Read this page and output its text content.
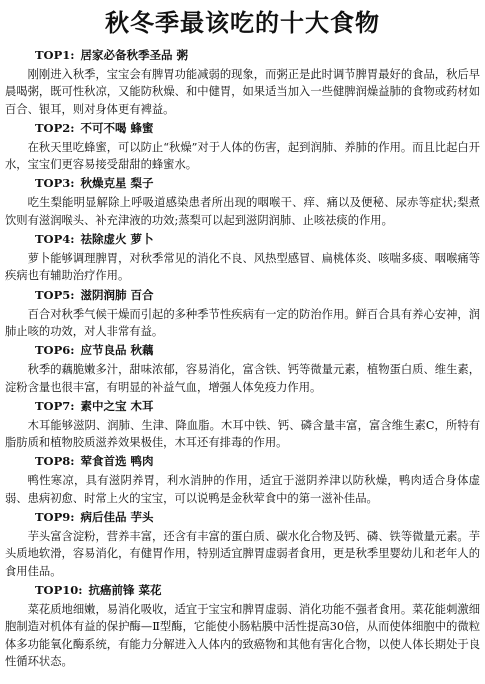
秋冬季最该吃的十大食物

TOP1: 居家必备秋季圣品 粥

刚刚进入秋季，宝宝会有脾胃功能减弱的现象，而粥正是此时调节脾胃最好的食品，秋后早晨喝粥，既可性秋凉，又能防秋燥、和中健胃，如果适当加入一些健脾润燥益肺的食物或药材如百合、银耳，则对身体更有裨益。

TOP2: 不可不喝 蜂蜜

在秋天里吃蜂蜜，可以防止“秋燥”对于人体的伤害，起到润肺、养肺的作用。而且比起白开水，宝宝们更容易接受甜甜的蜂蜜水。

TOP3: 秋燥克星 梨子

吃生梨能明显解除上呼吸道感染患者所出现的咽喉干、痒、痛以及便秘、尿赤等症状;梨煮饮则有滋润喉头、补充津液的功效;蒸梨可以起到滋阴润肺、止咳祛痰的作用。

TOP4: 祛除虚火 萝卜

萝卜能够调理脾胃，对秋季常见的消化不良、风热型感冒、扁桃体炎、咳喘多痰、咽喉痛等疾病也有辅助治疗作用。

TOP5: 滋阴润肺 百合

百合对秋季气候干燥而引起的多种季节性疾病有一定的防治作用。鲜百合具有养心安神，润肺止咳的功效，对人非常有益。

TOP6: 应节良品 秋藕

秋季的藕脆嫩多汁，甜味浓郁，容易消化，富含铁、钙等微量元素，植物蛋白质、维生素，淀粉含量也很丰富，有明显的补益气血，增强人体免疫力作用。

TOP7: 素中之宝 木耳

木耳能够滋阴、润肺、生津、降血脂。木耳中铁、钙、磷含量丰富，富含维生素C，所特有脂肪质和植物胶质滋养效果极佳，木耳还有排毒的作用。

TOP8: 荤食首选 鸭肉

鸭性寒凉，具有滋阴养胃，利水消肿的作用，适宜于滋阴养津以防秋燥，鸭肉适合身体虚弱、患病初愈、时常上火的宝宝，可以说鸭是金秋荤食中的第一滋补佳品。

TOP9: 病后佳品 芋头

芋头富含淀粉，营养丰富，还含有丰富的蛋白质、碳水化合物及钙、磷、铁等微量元素。芋头质地软滑，容易消化，有健胃作用，特别适宜脾胃虚弱者食用，更是秋季里婴幼儿和老年人的食用佳品。

TOP10: 抗癌前锋 菜花

菜花质地细嫩，易消化吸收，适宜于宝宝和脾胃虚弱、消化功能不强者食用。菜花能刺激细胞制造对机体有益的保护酶—Ⅱ型酶，它能使小肠粘膜中活性提高30倍，从而使体细胞中的微粒体多功能氧化酶系统，有能力分解进入人体内的致癌物和其他有害化合物，以使人体长期处于良性循环状态。
